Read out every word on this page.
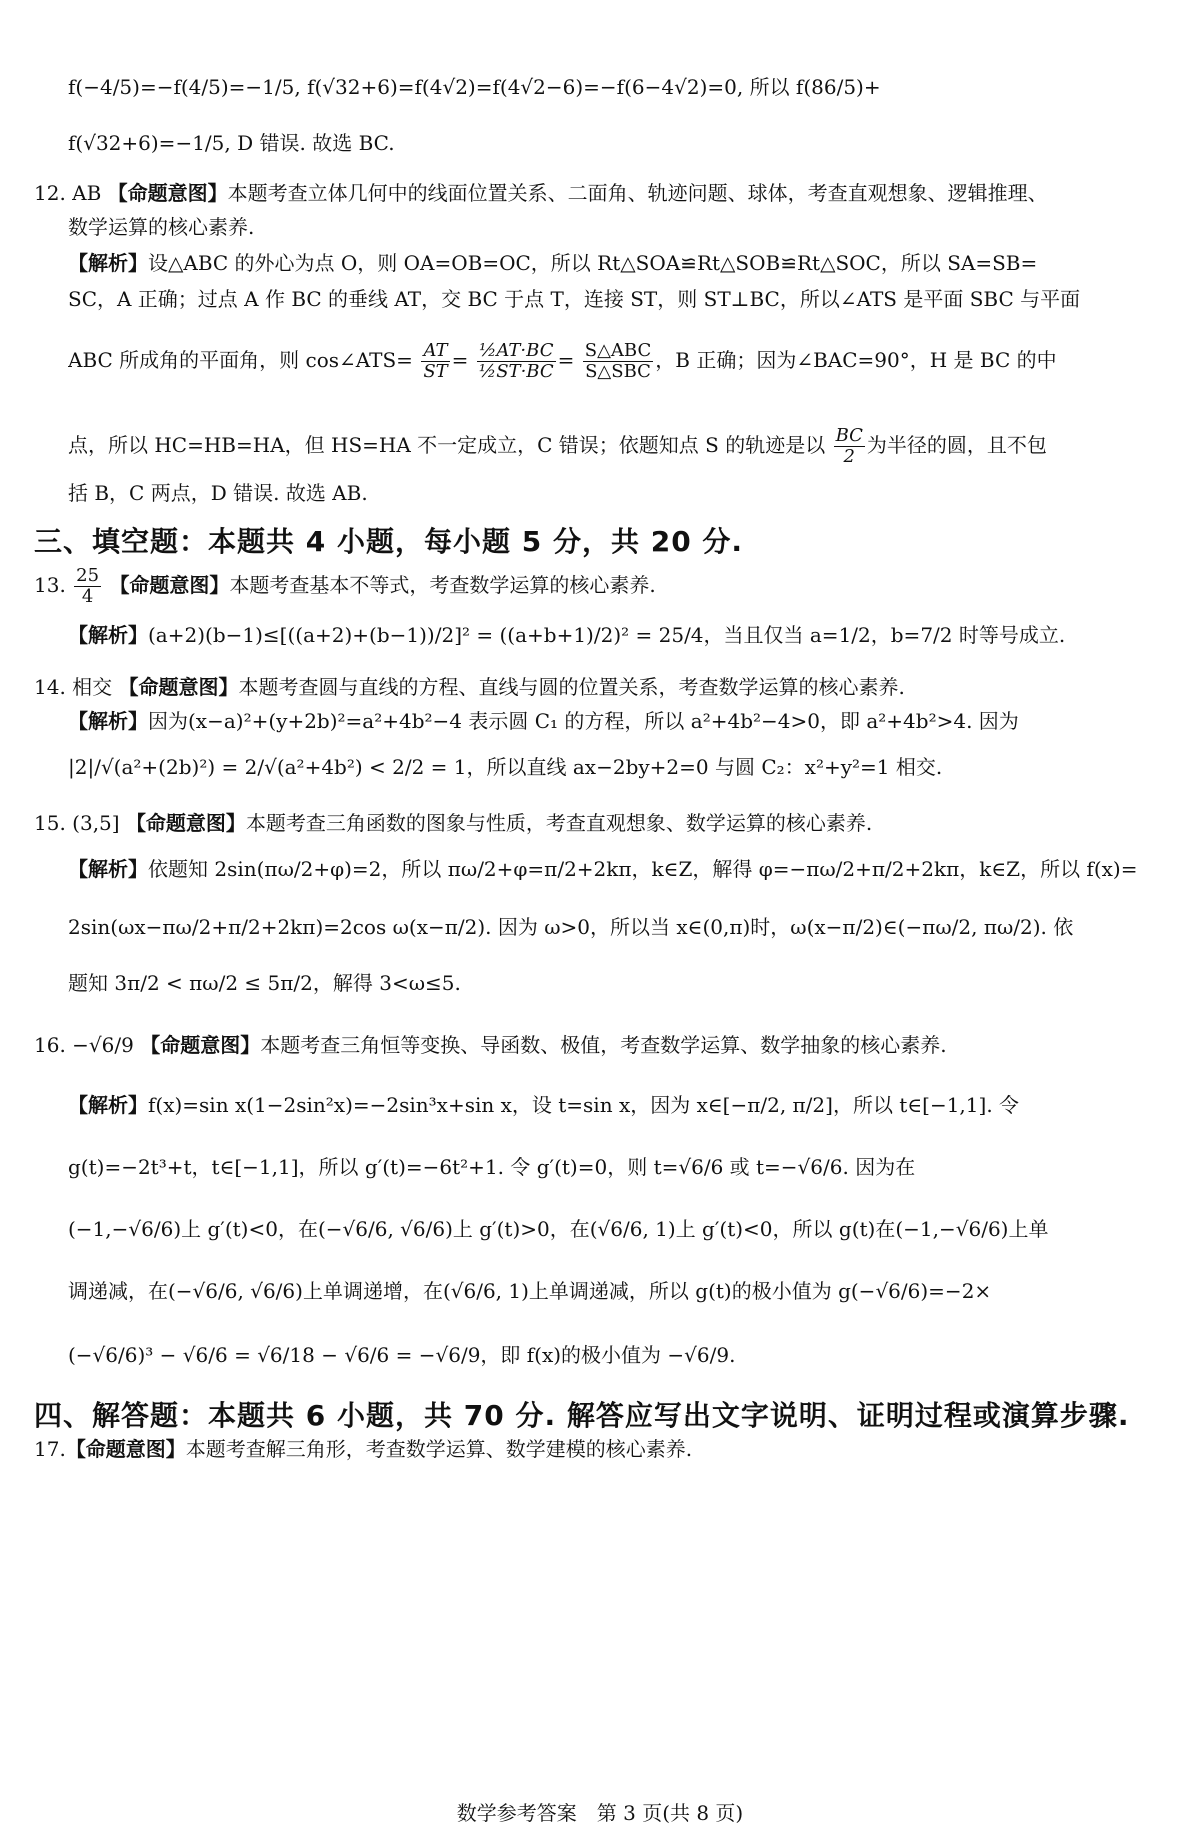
f(−4/5)=−f(4/5)=−1/5, f(√32+6)=f(4√2)=f(4√2−6)=−f(6−4√2)=0, 所以 f(86/5)+
f(√32+6)=−1/5, D 错误. 故选 BC.
12. AB 【命题意图】本题考查立体几何中的线面位置关系、二面角、轨迹问题、球体，考查直观想象、逻辑推理、
数学运算的核心素养.
【解析】设△ABC 的外心为点 O，则 OA=OB=OC，所以 Rt△SOA≌Rt△SOB≌Rt△SOC，所以 SA=SB=
SC，A 正确；过点 A 作 BC 的垂线 AT，交 BC 于点 T，连接 ST，则 ST⊥BC，所以∠ATS 是平面 SBC 与平面
ABC 所成角的平面角，则 cos∠ATS= $\frac{AT}{ST} = \frac{\text{½AT·BC}}{\text{½ST·BC}} = \frac{\text{S△ABC}}{\text{S△SBC}}$ ，B 正确；因为∠BAC=90°，H 是 BC 的中
点，所以 HC=HB=HA，但 HS=HA 不一定成立，C 错误；依题知点 S 的轨迹是以 $\frac{BC}{2}$ 为半径的圆，且不包
括 B，C 两点，D 错误. 故选 AB.
三、填空题：本题共 4 小题，每小题 5 分，共 20 分.
13. $\frac{25}{4}$ 【命题意图】本题考查基本不等式，考查数学运算的核心素养.
【解析】(a+2)(b−1)≤[((a+2)+(b−1))/2]² = ((a+b+1)/2)² = 25/4，当且仅当 a=1/2，b=7/2 时等号成立.
14. 相交 【命题意图】本题考查圆与直线的方程、直线与圆的位置关系，考查数学运算的核心素养.
【解析】因为(x−a)²+(y+2b)²=a²+4b²−4 表示圆 C₁ 的方程，所以 a²+4b²−4>0，即 a²+4b²>4. 因为
|2|/√(a²+(2b)²) = 2/√(a²+4b²) < 2/2 = 1，所以直线 ax−2by+2=0 与圆 C₂：x²+y²=1 相交.
15. (3,5] 【命题意图】本题考查三角函数的图象与性质，考查直观想象、数学运算的核心素养.
【解析】依题知 2sin(πω/2+φ)=2，所以 πω/2+φ=π/2+2kπ，k∈Z，解得 φ=−πω/2+π/2+2kπ，k∈Z，所以 f(x)=
2sin(ωx−πω/2+π/2+2kπ)=2cos ω(x−π/2). 因为 ω>0，所以当 x∈(0,π)时，ω(x−π/2)∈(−πω/2, πω/2). 依
题知 3π/2 < πω/2 ≤ 5π/2，解得 3<ω≤5.
16. −√6/9 【命题意图】本题考查三角恒等变换、导函数、极值，考查数学运算、数学抽象的核心素养.
【解析】f(x)=sin x(1−2sin²x)=−2sin³x+sin x，设 t=sin x，因为 x∈[−π/2, π/2]，所以 t∈[−1,1]. 令
g(t)=−2t³+t，t∈[−1,1]，所以 g′(t)=−6t²+1. 令 g′(t)=0，则 t=√6/6 或 t=−√6/6. 因为在
(−1,−√6/6)上 g′(t)<0，在(−√6/6, √6/6)上 g′(t)>0，在(√6/6, 1)上 g′(t)<0，所以 g(t)在(−1,−√6/6)上单
调递减，在(−√6/6, √6/6)上单调递增，在(√6/6, 1)上单调递减，所以 g(t)的极小值为 g(−√6/6)=−2×
(−√6/6)³ − √6/6 = √6/18 − √6/6 = −√6/9，即 f(x)的极小值为 −√6/9.
四、解答题：本题共 6 小题，共 70 分. 解答应写出文字说明、证明过程或演算步骤.
17.【命题意图】本题考查解三角形，考查数学运算、数学建模的核心素养.
数学参考答案　第 3 页(共 8 页)
